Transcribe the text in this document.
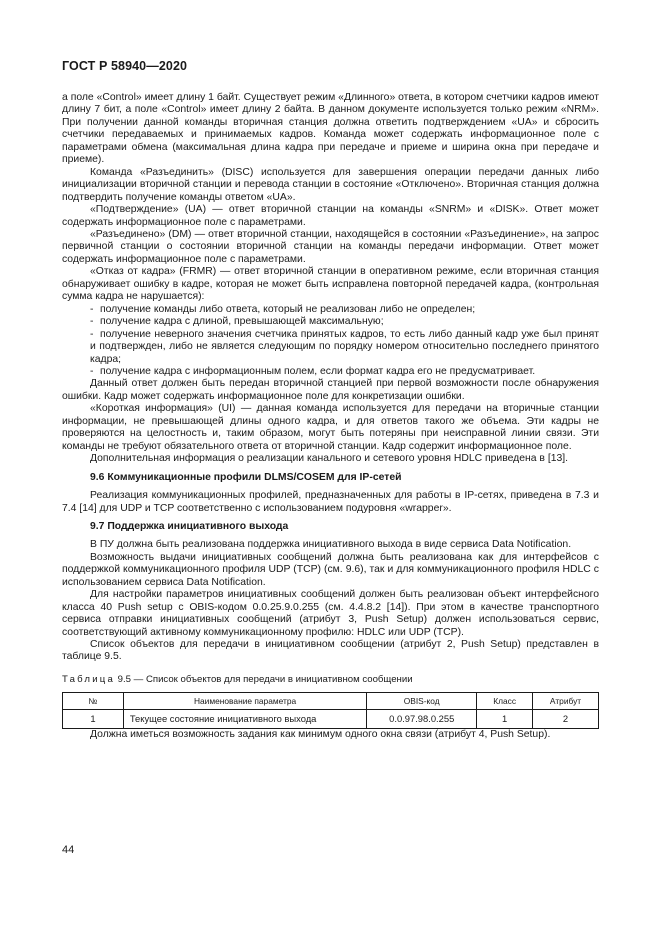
ГОСТ Р 58940—2020

а поле «Control» имеет длину 1 байт. Существует режим «Длинного» ответа, в котором счетчики кадров имеют длину 7 бит, а поле «Control» имеет длину 2 байта. В данном документе используется только режим «NRM». При получении данной команды вторичная станция должна ответить подтверждением «UA» и сбросить счетчики передаваемых и принимаемых кадров. Команда может содержать информационное поле с параметрами обмена (максимальная длина кадра при передаче и приеме и ширина окна при передаче и приеме).

Команда «Разъединить» (DISC) используется для завершения операции передачи данных либо инициализации вторичной станции и перевода станции в состояние «Отключено». Вторичная станция должна подтвердить получение команды ответом «UA».

«Подтверждение» (UA) — ответ вторичной станции на команды «SNRM» и «DISK». Ответ может содержать информационное поле с параметрами.

«Разъединено» (DM) — ответ вторичной станции, находящейся в состоянии «Разъединение», на запрос первичной станции о состоянии вторичной станции на команды передачи информации. Ответ может содержать информационное поле с параметрами.

«Отказ от кадра» (FRMR) — ответ вторичной станции в оперативном режиме, если вторичная станция обнаруживает ошибку в кадре, которая не может быть исправлена повторной передачей кадра, (контрольная сумма кадра не нарушается):

- получение команды либо ответа, который не реализован либо не определен;

- получение кадра с длиной, превышающей максимальную;

- получение неверного значения счетчика принятых кадров, то есть либо данный кадр уже был принят и подтвержден, либо не является следующим по порядку номером относительно последнего принятого кадра;

- получение кадра с информационным полем, если формат кадра его не предусматривает.

Данный ответ должен быть передан вторичной станцией при первой возможности после обнаружения ошибки. Кадр может содержать информационное поле для конкретизации ошибки.

«Короткая информация» (UI) — данная команда используется для передачи на вторичные станции информации, не превышающей длины одного кадра, и для ответов такого же объема. Эти кадры не проверяются на целостность и, таким образом, могут быть потеряны при неисправной линии связи. Эти команды не требуют обязательного ответа от вторичной станции. Кадр содержит информационное поле.

Дополнительная информация о реализации канального и сетевого уровня HDLC приведена в [13].

9.6 Коммуникационные профили DLMS/COSEM для IP-сетей

Реализация коммуникационных профилей, предназначенных для работы в IP-сетях, приведена в 7.3 и 7.4 [14] для UDP и TCP соответственно с использованием подуровня «wrapper».

9.7 Поддержка инициативного выхода

В ПУ должна быть реализована поддержка инициативного выхода в виде сервиса Data Notification.

Возможность выдачи инициативных сообщений должна быть реализована как для интерфейсов с поддержкой коммуникационного профиля UDP (TCP) (см. 9.6), так и для коммуникационного профиля HDLC с использованием сервиса Data Notification.

Для настройки параметров инициативных сообщений должен быть реализован объект интерфейсного класса 40 Push setup с OBIS-кодом 0.0.25.9.0.255 (см. 4.4.8.2 [14]). При этом в качестве транспортного сервиса отправки инициативных сообщений (атрибут 3, Push Setup) должен использоваться сервис, соответствующий активному коммуникационному профилю: HDLC или UDP (TCP).

Список объектов для передачи в инициативном сообщении (атрибут 2, Push Setup) представлен в таблице 9.5.

Таблица 9.5 — Список объектов для передачи в инициативном сообщении
№	Наименование параметра	OBIS-код	Класс	Атрибут
1	Текущее состояние инициативного выхода	0.0.97.98.0.255	1	2

Должна иметься возможность задания как минимум одного окна связи (атрибут 4, Push Setup).

44
